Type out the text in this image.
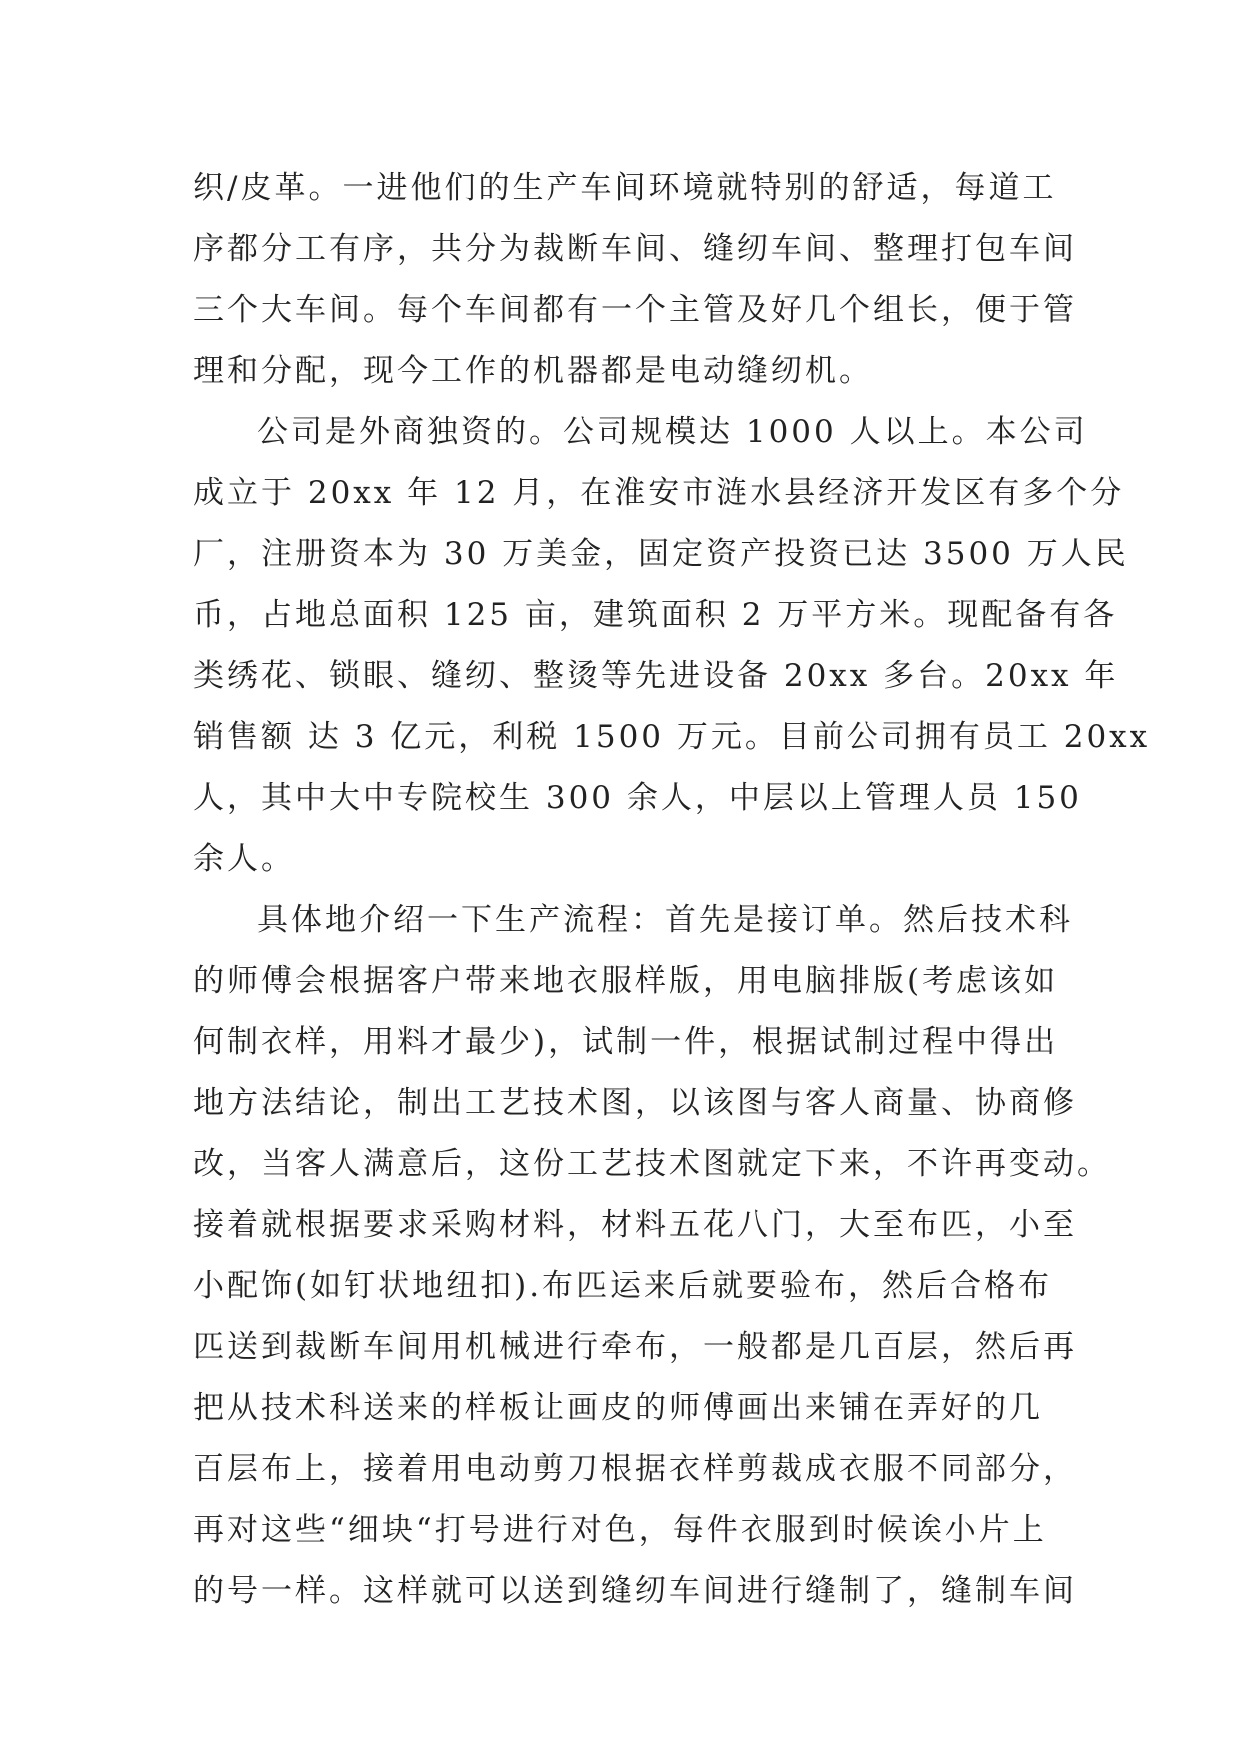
织/皮革。一进他们的生产车间环境就特别的舒适，每道工
序都分工有序，共分为裁断车间、缝纫车间、整理打包车间
三个大车间。每个车间都有一个主管及好几个组长，便于管
理和分配，现今工作的机器都是电动缝纫机。
公司是外商独资的。公司规模达 1000 人以上。本公司
成立于 20xx 年 12 月，在淮安市涟水县经济开发区有多个分
厂，注册资本为 30 万美金，固定资产投资已达 3500 万人民
币，占地总面积 125 亩，建筑面积 2 万平方米。现配备有各
类绣花、锁眼、缝纫、整烫等先进设备 20xx 多台。20xx 年
销售额 达 3 亿元，利税 1500 万元。目前公司拥有员工 20xx
人，其中大中专院校生 300 余人，中层以上管理人员 150
余人。
具体地介绍一下生产流程：首先是接订单。然后技术科
的师傅会根据客户带来地衣服样版，用电脑排版(考虑该如
何制衣样，用料才最少)，试制一件，根据试制过程中得出
地方法结论，制出工艺技术图，以该图与客人商量、协商修
改，当客人满意后，这份工艺技术图就定下来，不许再变动。
接着就根据要求采购材料，材料五花八门，大至布匹，小至
小配饰(如钉状地纽扣).布匹运来后就要验布，然后合格布
匹送到裁断车间用机械进行牵布，一般都是几百层，然后再
把从技术科送来的样板让画皮的师傅画出来铺在弄好的几
百层布上，接着用电动剪刀根据衣样剪裁成衣服不同部分，
再对这些“细块“打号进行对色，每件衣服到时候诶小片上
的号一样。这样就可以送到缝纫车间进行缝制了，缝制车间
